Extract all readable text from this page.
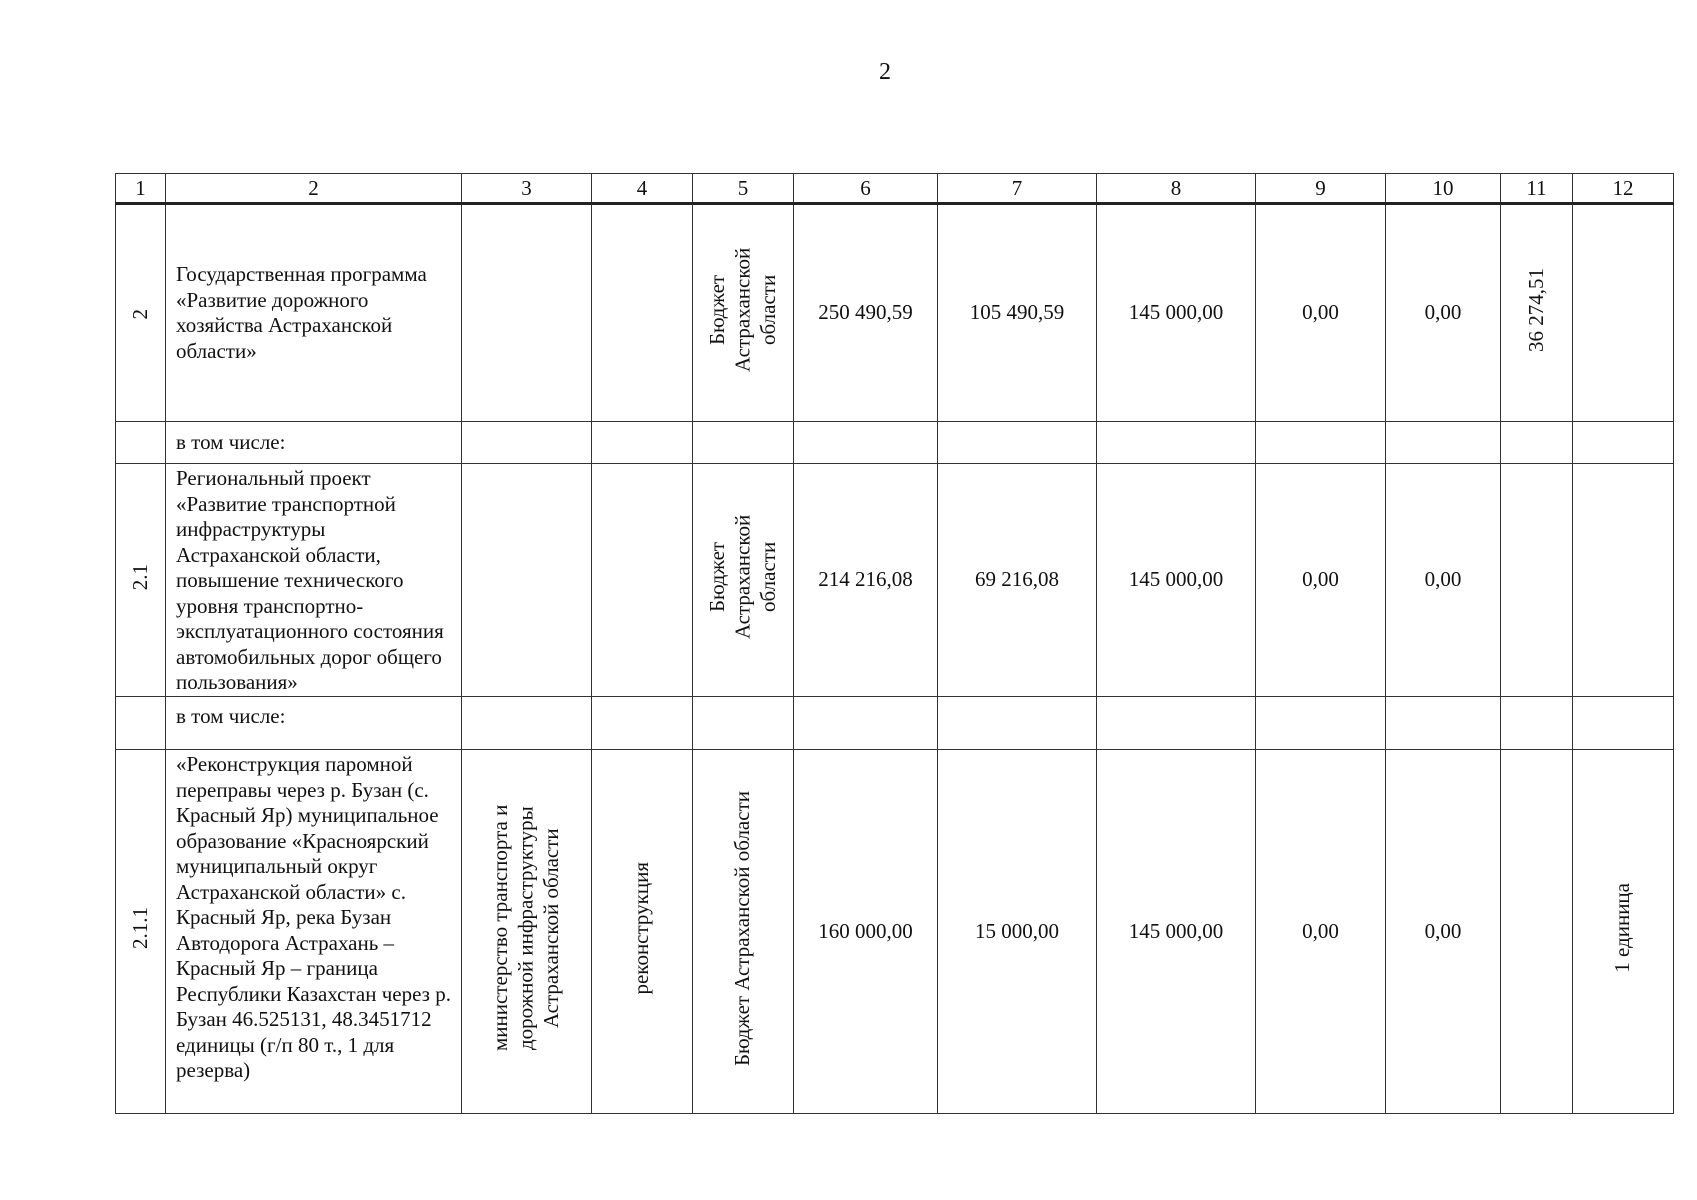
2
1	2	3	4	5	6	7	8	9	10	11	12
2	Государственная программа «Развитие дорожного хозяйства Астраханской области»			Бюджет Астраханской области	250 490,59	105 490,59	145 000,00	0,00	0,00	36 274,51	
	в том числе:										
2.1	Региональный проект «Развитие транспортной инфраструктуры Астраханской области, повышение технического уровня транспортно-эксплуатационного состояния автомобильных дорог общего пользования»			Бюджет Астраханской области	214 216,08	69 216,08	145 000,00	0,00	0,00		
	в том числе:										
2.1.1	«Реконструкция паромной переправы через р. Бузан (с. Красный Яр) муниципальное образование «Красноярский муниципальный округ Астраханской области» с. Красный Яр, река Бузан Автодорога Астрахань – Красный Яр – граница Республики Казахстан через р. Бузан 46.525131, 48.3451712 единицы (г/п 80 т., 1 для резерва)	министерство транспорта и дорожной инфраструктуры Астраханской области	реконструкция	Бюджет Астраханской области	160 000,00	15 000,00	145 000,00	0,00	0,00		1 единица
